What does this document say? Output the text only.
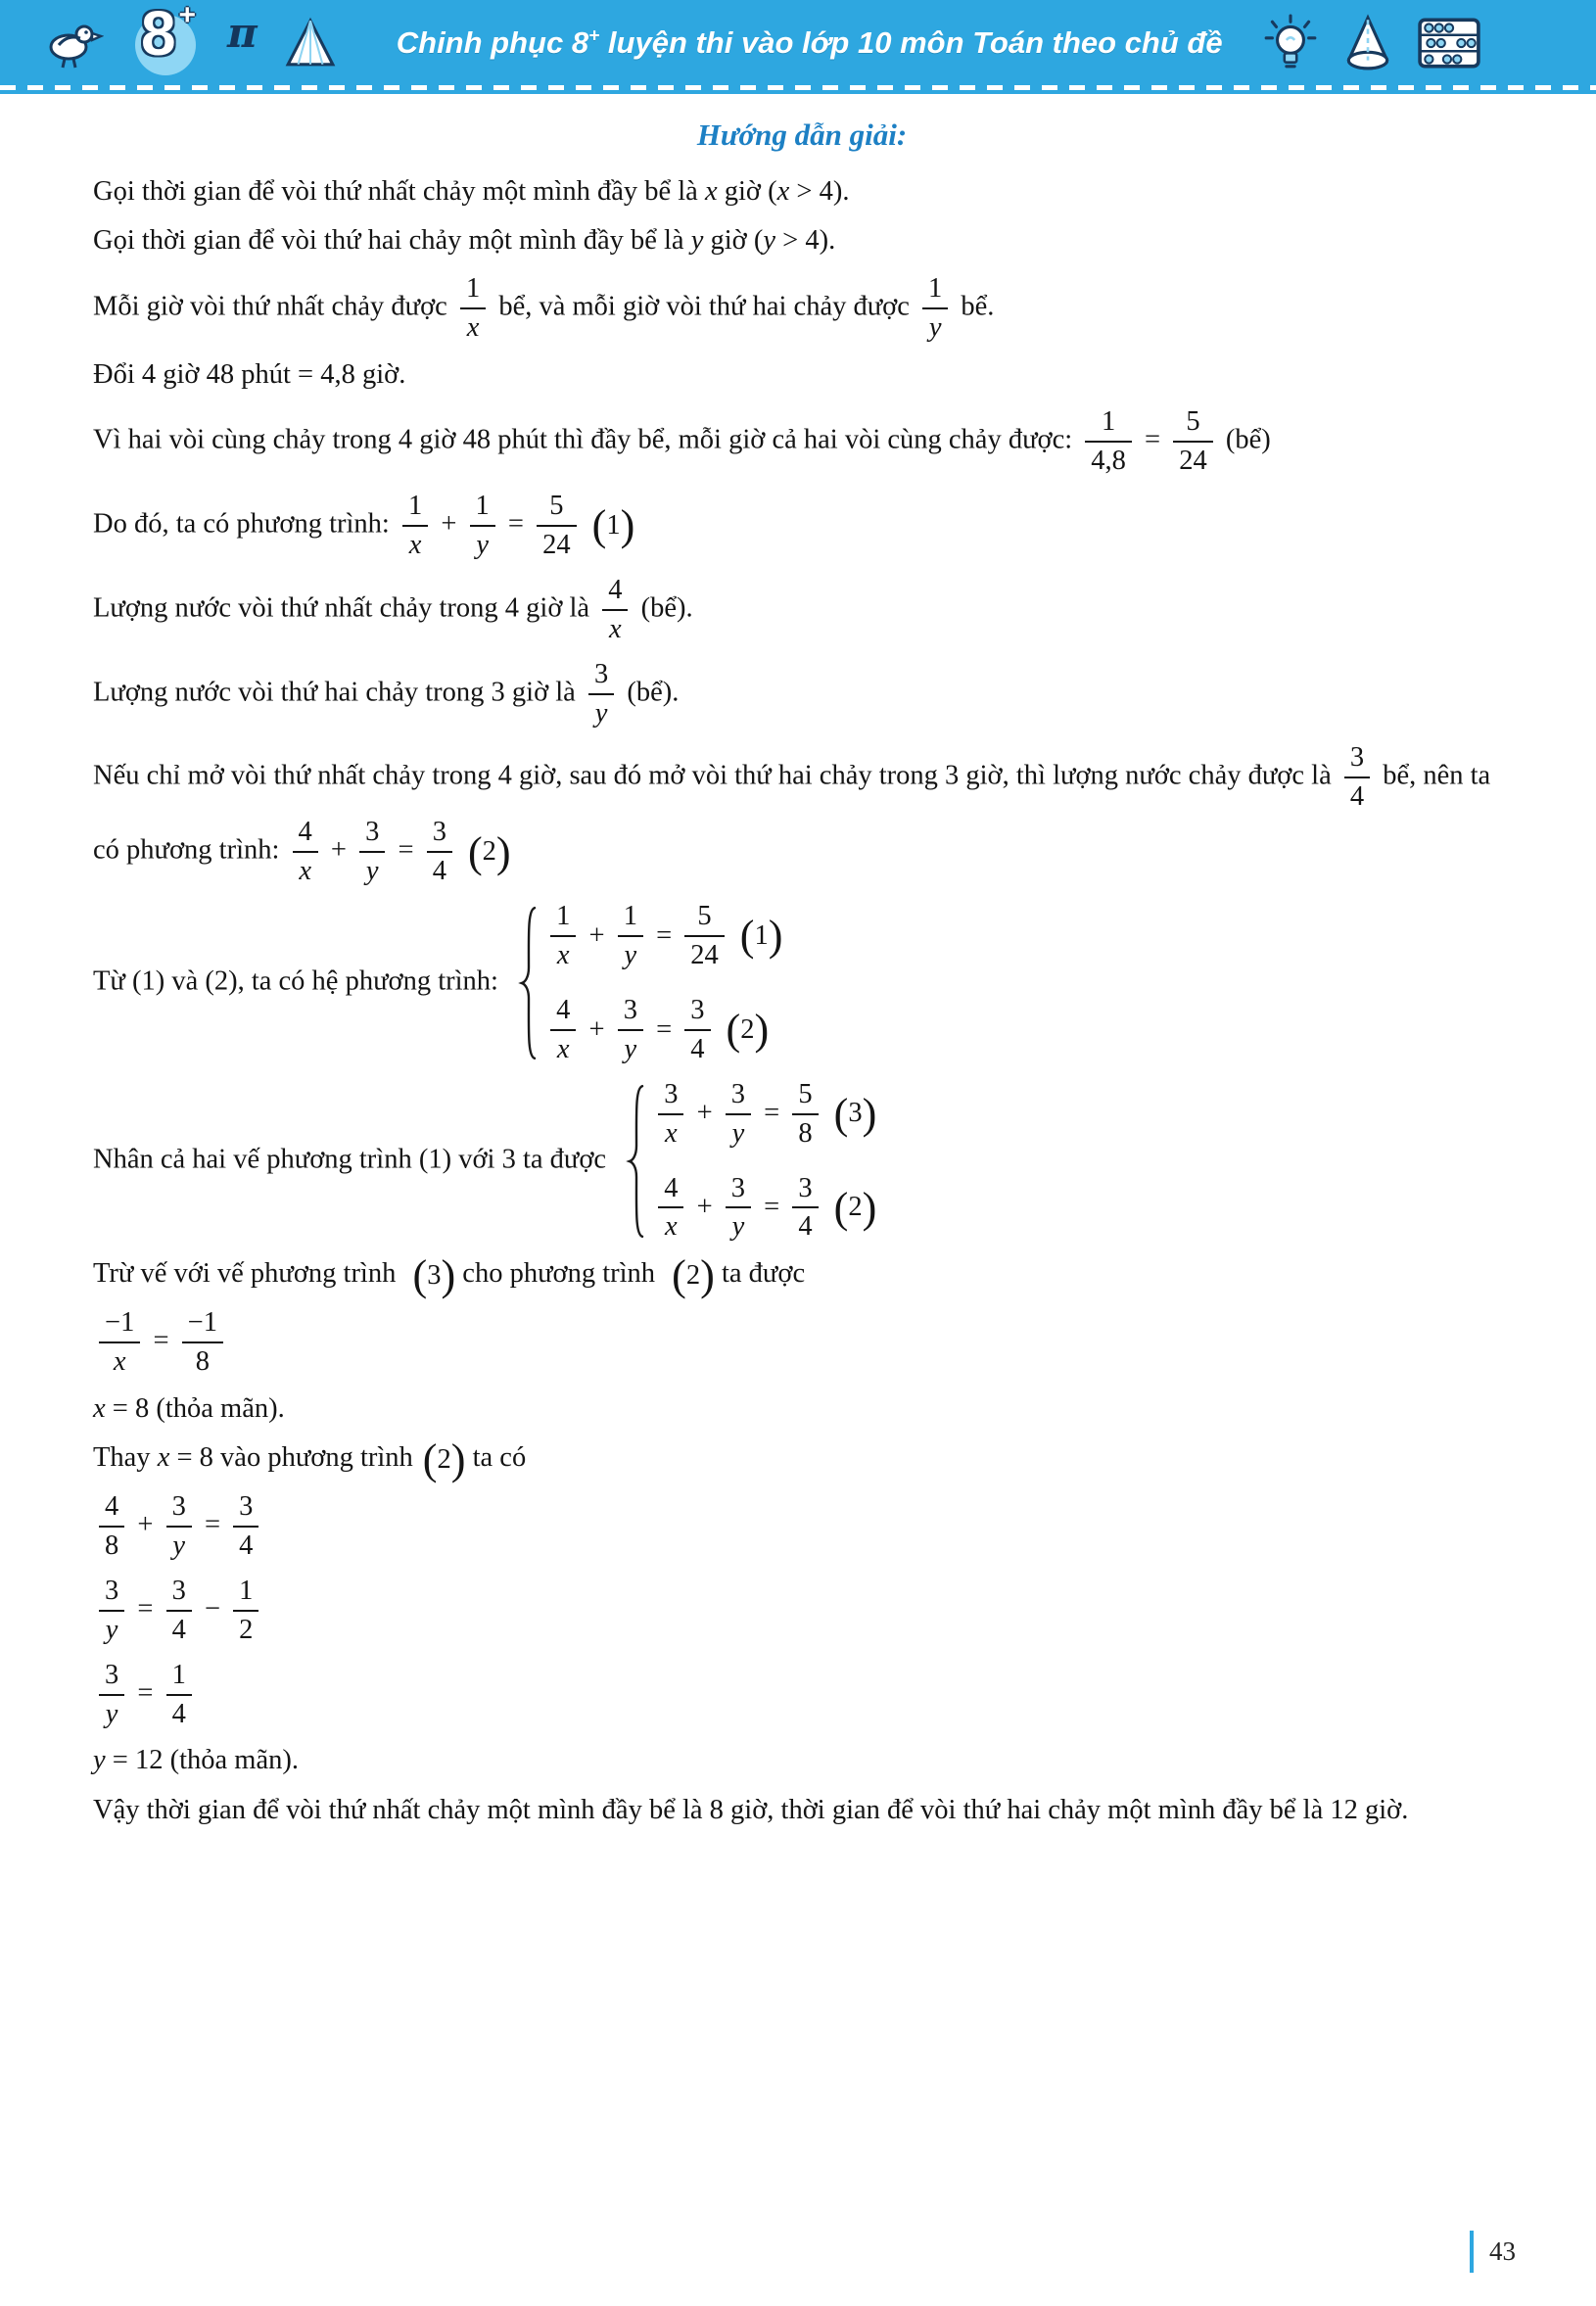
8 + π	Chinh phục 8+ luyện thi vào lớp 10 môn Toán theo chủ đề
Hướng dẫn giải:
Gọi thời gian để vòi thứ nhất chảy một mình đầy bể là x giờ (x > 4).
Gọi thời gian để vòi thứ hai chảy một mình đầy bể là y giờ (y > 4).
Mỗi giờ vòi thứ nhất chảy được $\frac{1}{x}$ bể, và mỗi giờ vòi thứ hai chảy được $\frac{1}{y}$ bể.
Đổi 4 giờ 48 phút = 4,8 giờ.
Vì hai vòi cùng chảy trong 4 giờ 48 phút thì đầy bể, mỗi giờ cả hai vòi cùng chảy được: $\frac{1}{4,8} = \frac{5}{24}$ (bể)
Do đó, ta có phương trình: $\frac{1}{x} + \frac{1}{y} = \frac{5}{24}$ ( 1 )
Lượng nước vòi thứ nhất chảy trong 4 giờ là $\frac{4}{x}$ (bể).
Lượng nước vòi thứ hai chảy trong 3 giờ là $\frac{3}{y}$ (bể).
Nếu chỉ mở vòi thứ nhất chảy trong 4 giờ, sau đó mở vòi thứ hai chảy trong 3 giờ, thì lượng nước chảy được là $\frac{3}{4}$ bể, nên ta có phương trình: $\frac{4}{x} + \frac{3}{y} = \frac{3}{4}$ ( 2 )
Từ (1) và (2), ta có hệ phương trình:
$\frac{1}{x} + \frac{1}{y} = \frac{5}{24}$ ( 1 )
$\frac{4}{x} + \frac{3}{y} = \frac{3}{4}$ ( 2 )
Nhân cả hai vế phương trình (1) với 3 ta được
$\frac{3}{x} + \frac{3}{y} = \frac{5}{8}$ ( 3 )
$\frac{4}{x} + \frac{3}{y} = \frac{3}{4}$ ( 2 )
Trừ vế với vế phương trình ( 3 ) cho phương trình ( 2 ) ta được
$\frac{-1}{x} = \frac{-1}{8}$
x = 8 (thỏa mãn).
Thay x = 8 vào phương trình ( 2 ) ta có
$\frac{4}{8} + \frac{3}{y} = \frac{3}{4}$
$\frac{3}{y} = \frac{3}{4} - \frac{1}{2}$
$\frac{3}{y} = \frac{1}{4}$
y = 12 (thỏa mãn).
Vậy thời gian để vòi thứ nhất chảy một mình đầy bể là 8 giờ, thời gian để vòi thứ hai chảy một mình đầy bể là 12 giờ.
43
